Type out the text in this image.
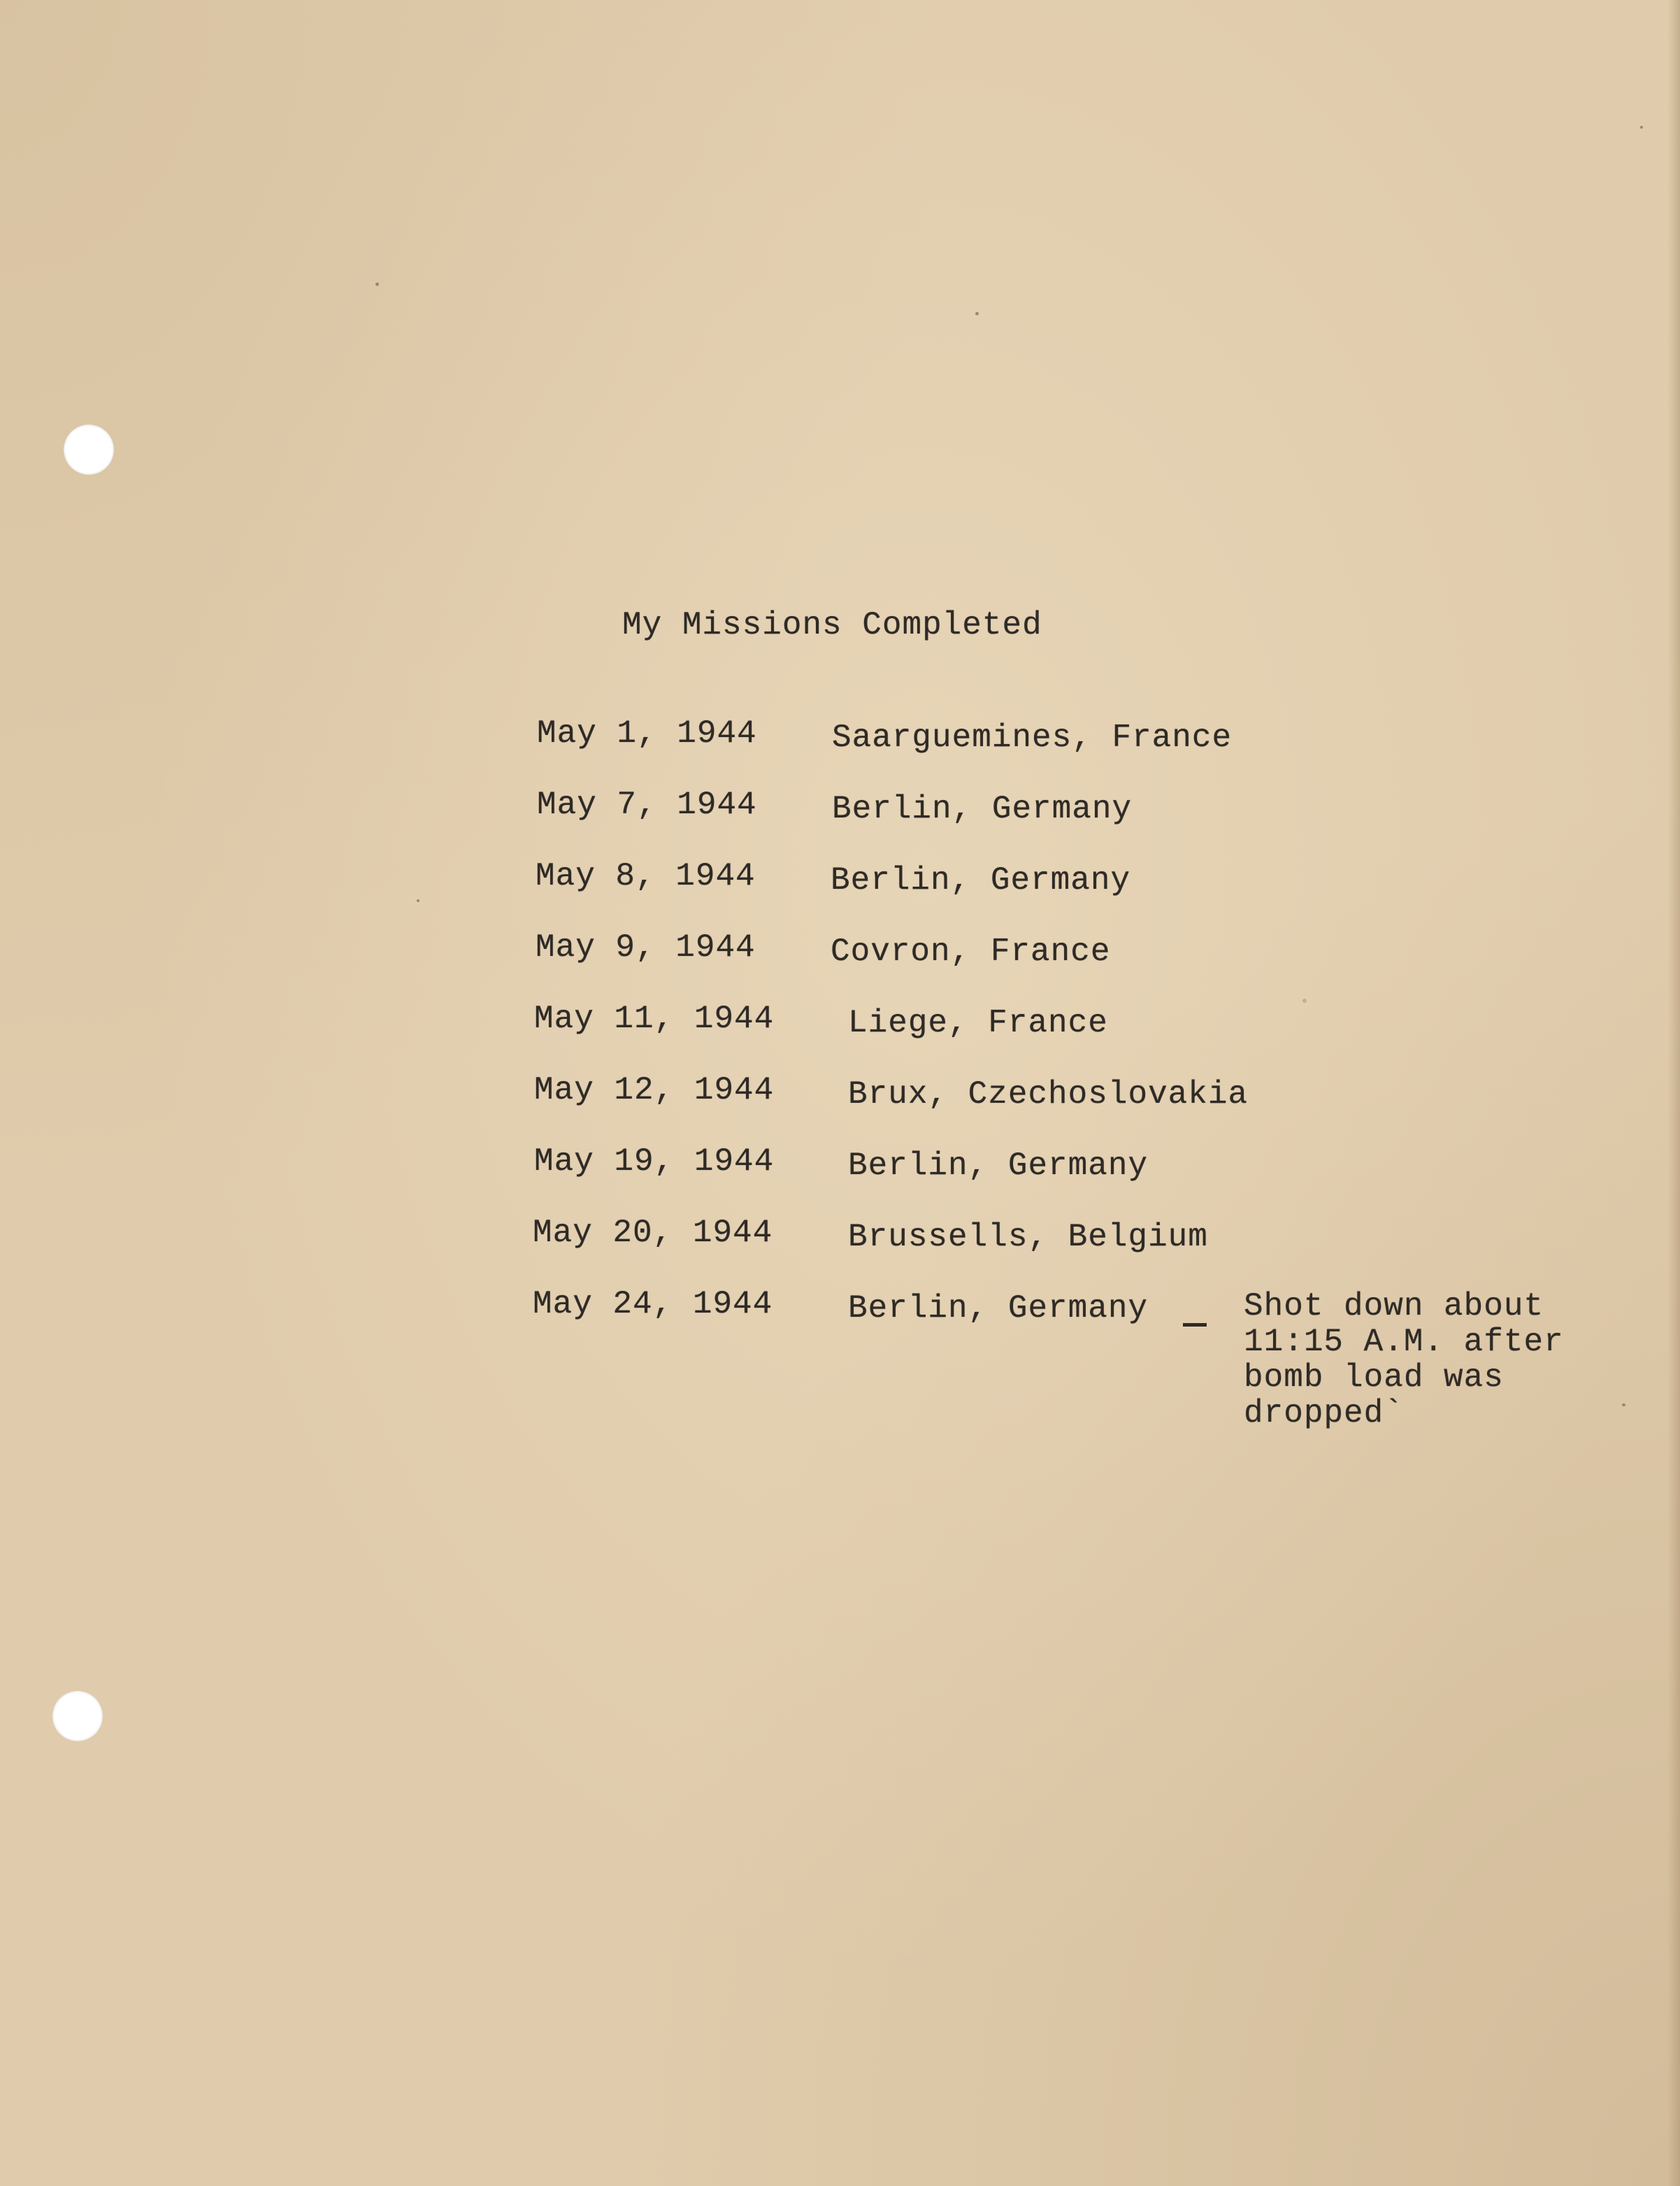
My Missions Completed
May 1, 1944 Saarguemines, France
May 7, 1944 Berlin, Germany
May 8, 1944 Berlin, Germany
May 9, 1944 Covron, France
May 11, 1944 Liege, France
May 12, 1944 Brux, Czechoslovakia
May 19, 1944 Berlin, Germany
May 20, 1944 Brussells, Belgium
May 24, 1944 Berlin, Germany	Shot down about
11:15 A.M. after
bomb load was
dropped`
